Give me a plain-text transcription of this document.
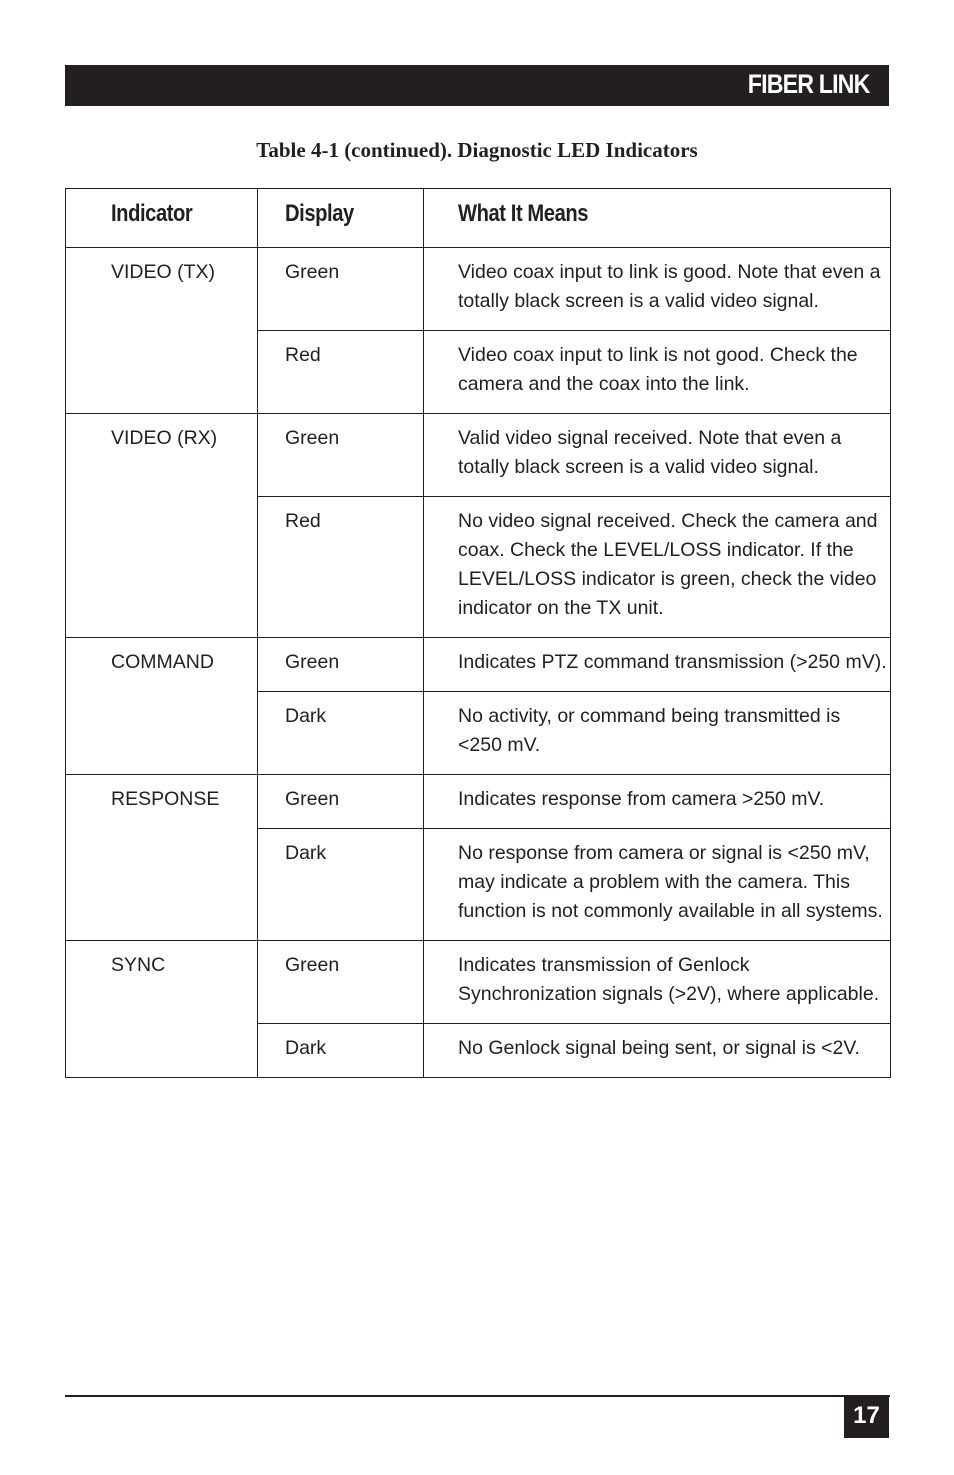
FIBER LINK
Table 4-1 (continued). Diagnostic LED Indicators
Indicator	Display	What It Means
VIDEO (TX)	Green	Video coax input to link is good. Note that even a totally black screen is a valid video signal.
	Red	Video coax input to link is not good. Check the camera and the coax into the link.
VIDEO (RX)	Green	Valid video signal received. Note that even a totally black screen is a valid video signal.
	Red	No video signal received. Check the camera and coax. Check the LEVEL/LOSS indicator. If the LEVEL/LOSS indicator is green, check the video indicator on the TX unit.
COMMAND	Green	Indicates PTZ command transmission (>250 mV).
	Dark	No activity, or command being transmitted is <250 mV.
RESPONSE	Green	Indicates response from camera >250 mV.
	Dark	No response from camera or signal is <250 mV, may indicate a problem with the camera. This function is not commonly available in all systems.
SYNC	Green	Indicates transmission of Genlock Synchronization signals (>2V), where applicable.
	Dark	No Genlock signal being sent, or signal is <2V.
17
